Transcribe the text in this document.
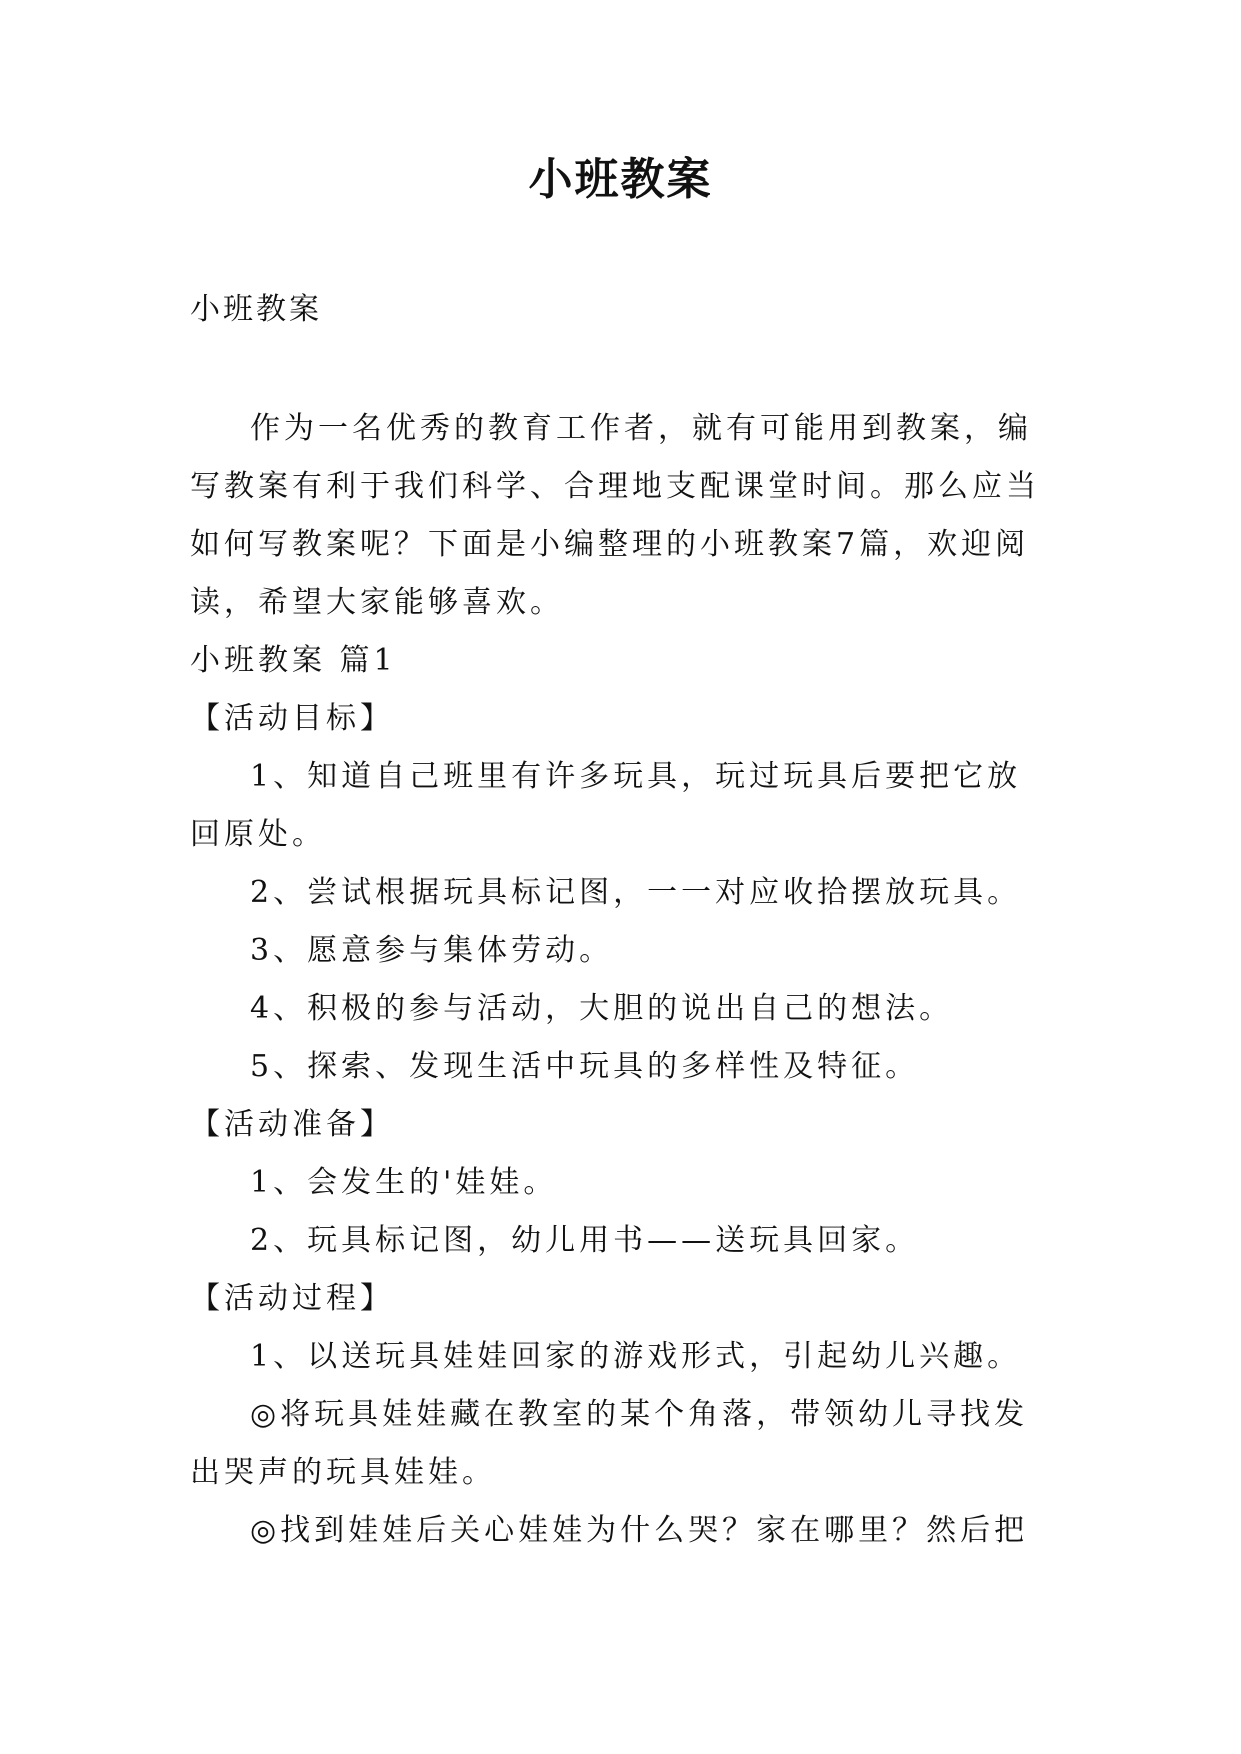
小班教案
小班教案

作为一名优秀的教育工作者，就有可能用到教案，编写教案有利于我们科学、合理地支配课堂时间。那么应当如何写教案呢？下面是小编整理的小班教案7篇，欢迎阅读，希望大家能够喜欢。

小班教案 篇1

【活动目标】

1、知道自己班里有许多玩具，玩过玩具后要把它放回原处。

2、尝试根据玩具标记图，一一对应收拾摆放玩具。

3、愿意参与集体劳动。

4、积极的参与活动，大胆的说出自己的想法。

5、探索、发现生活中玩具的多样性及特征。

【活动准备】

1、会发生的'娃娃。

2、玩具标记图，幼儿用书——送玩具回家。

【活动过程】

1、以送玩具娃娃回家的游戏形式，引起幼儿兴趣。

◎将玩具娃娃藏在教室的某个角落，带领幼儿寻找发出哭声的玩具娃娃。

◎找到娃娃后关心娃娃为什么哭？家在哪里？然后把
